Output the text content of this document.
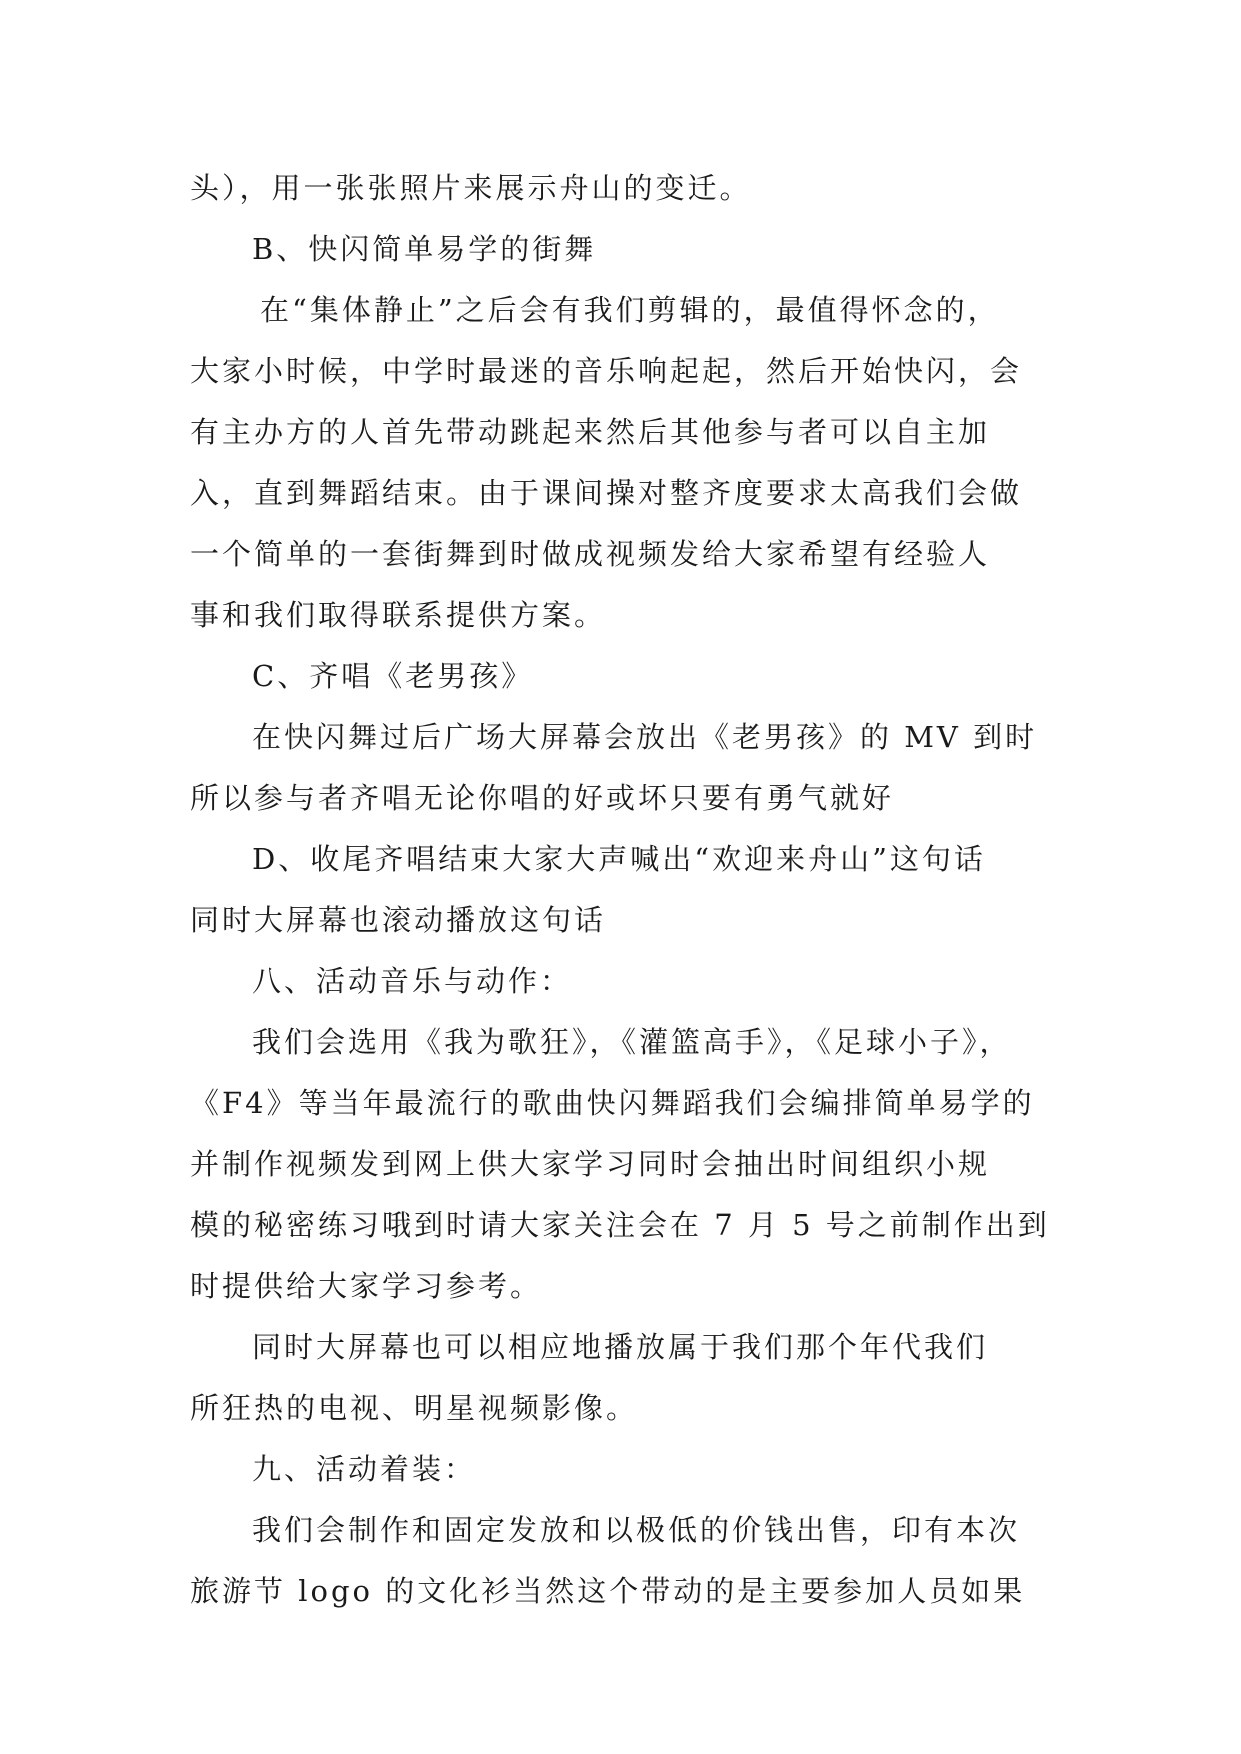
头），用一张张照片来展示舟山的变迁。
B、快闪简单易学的街舞
在“集体静止”之后会有我们剪辑的，最值得怀念的，
大家小时候，中学时最迷的音乐响起起，然后开始快闪，会
有主办方的人首先带动跳起来然后其他参与者可以自主加
入，直到舞蹈结束。由于课间操对整齐度要求太高我们会做
一个简单的一套街舞到时做成视频发给大家希望有经验人
事和我们取得联系提供方案。
C、齐唱《老男孩》
在快闪舞过后广场大屏幕会放出《老男孩》的 MV 到时
所以参与者齐唱无论你唱的好或坏只要有勇气就好
D、收尾齐唱结束大家大声喊出“欢迎来舟山”这句话
同时大屏幕也滚动播放这句话
八、活动音乐与动作：
我们会选用《我为歌狂》，《灌篮高手》，《足球小子》，
《F4》等当年最流行的歌曲快闪舞蹈我们会编排简单易学的
并制作视频发到网上供大家学习同时会抽出时间组织小规
模的秘密练习哦到时请大家关注会在 7 月 5 号之前制作出到
时提供给大家学习参考。
同时大屏幕也可以相应地播放属于我们那个年代我们
所狂热的电视、明星视频影像。
九、活动着装：
我们会制作和固定发放和以极低的价钱出售，印有本次
旅游节 logo 的文化衫当然这个带动的是主要参加人员如果
